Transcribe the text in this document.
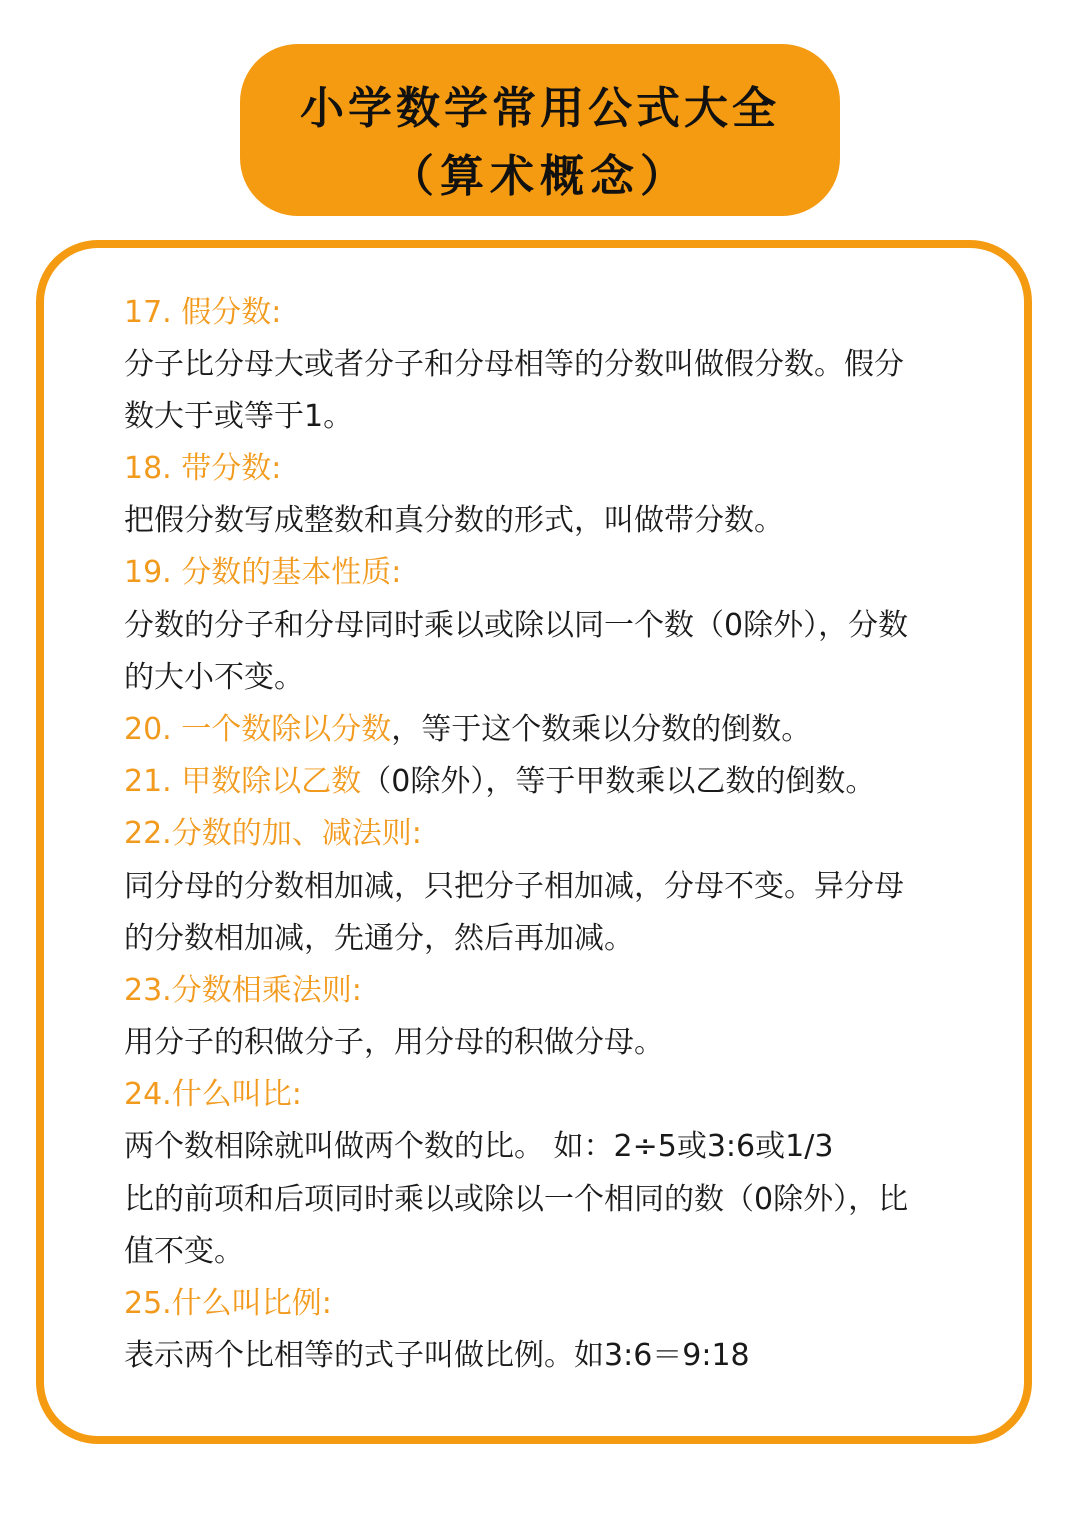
小学数学常用公式大全
（算术概念）
17. 假分数:
分子比分母大或者分子和分母相等的分数叫做假分数。假分
数大于或等于1。
18. 带分数:
把假分数写成整数和真分数的形式，叫做带分数。
19. 分数的基本性质:
分数的分子和分母同时乘以或除以同一个数（0除外），分数
的大小不变。
20. 一个数除以分数，等于这个数乘以分数的倒数。
21. 甲数除以乙数（0除外），等于甲数乘以乙数的倒数。
22.分数的加、减法则:
同分母的分数相加减，只把分子相加减，分母不变。异分母
的分数相加减，先通分，然后再加减。
23.分数相乘法则:
用分子的积做分子，用分母的积做分母。
24.什么叫比:
两个数相除就叫做两个数的比。 如：2÷5或3:6或1/3
比的前项和后项同时乘以或除以一个相同的数（0除外），比
值不变。
25.什么叫比例:
表示两个比相等的式子叫做比例。如3:6＝9:18
